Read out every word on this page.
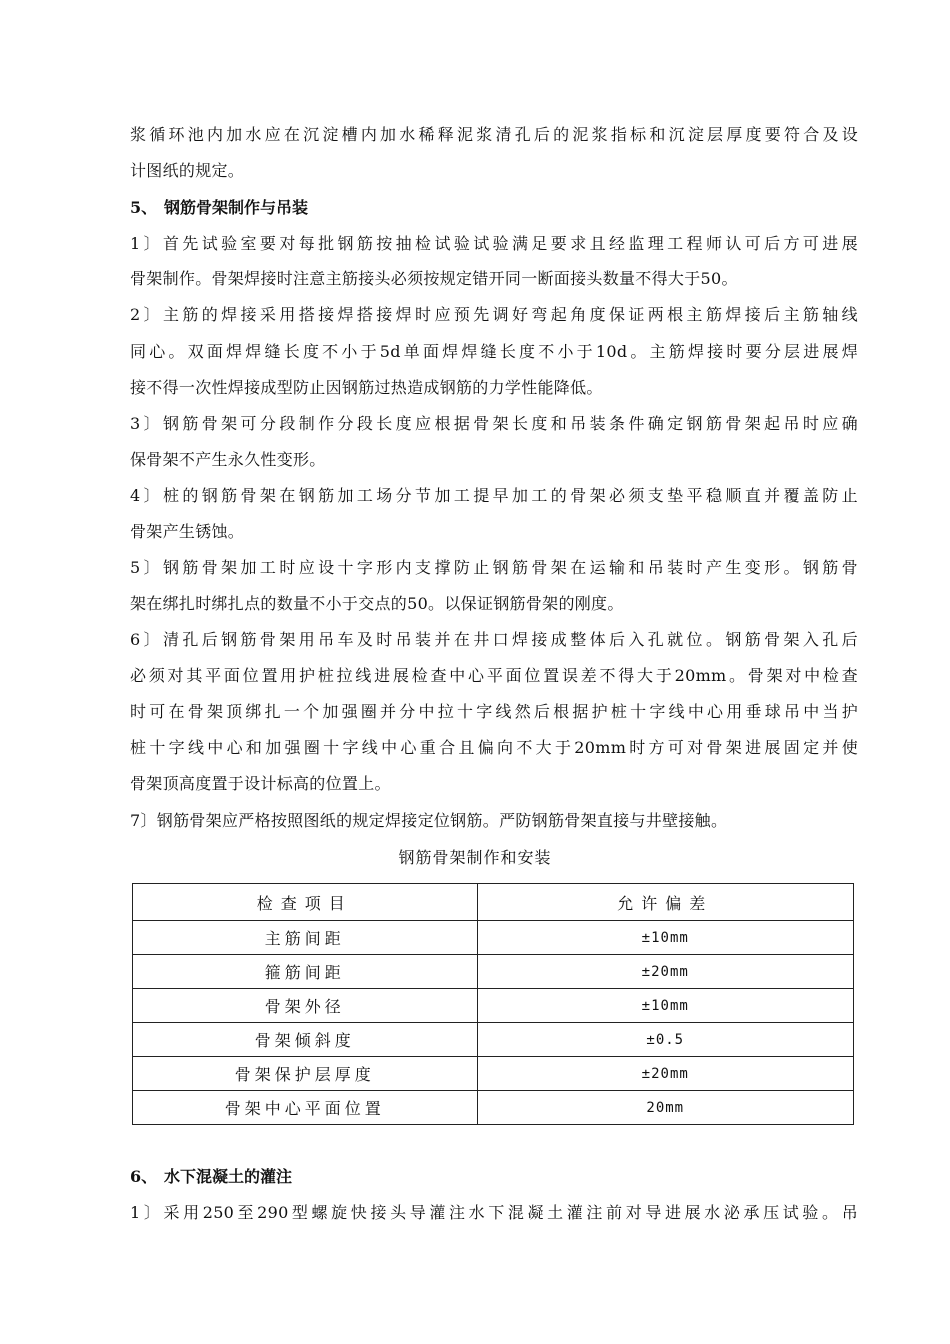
浆循环池内加水应在沉淀槽内加水稀释泥浆清孔后的泥浆指标和沉淀层厚度要符合及设
计图纸的规定。
5、 钢筋骨架制作与吊装
1〕首先试验室要对每批钢筋按抽检试验试验满足要求且经监理工程师认可后方可进展
骨架制作。骨架焊接时注意主筋接头必须按规定错开同一断面接头数量不得大于50。
2〕主筋的焊接采用搭接焊搭接焊时应预先调好弯起角度保证两根主筋焊接后主筋轴线
同心。双面焊焊缝长度不小于5d单面焊焊缝长度不小于10d。主筋焊接时要分层进展焊
接不得一次性焊接成型防止因钢筋过热造成钢筋的力学性能降低。
3〕钢筋骨架可分段制作分段长度应根据骨架长度和吊装条件确定钢筋骨架起吊时应确
保骨架不产生永久性变形。
4〕桩的钢筋骨架在钢筋加工场分节加工提早加工的骨架必须支垫平稳顺直并覆盖防止
骨架产生锈蚀。
5〕钢筋骨架加工时应设十字形内支撑防止钢筋骨架在运输和吊装时产生变形。钢筋骨
架在绑扎时绑扎点的数量不小于交点的50。以保证钢筋骨架的刚度。
6〕清孔后钢筋骨架用吊车及时吊装并在井口焊接成整体后入孔就位。钢筋骨架入孔后
必须对其平面位置用护桩拉线进展检查中心平面位置误差不得大于20mm。骨架对中检查
时可在骨架顶绑扎一个加强圈并分中拉十字线然后根据护桩十字线中心用垂球吊中当护
桩十字线中心和加强圈十字线中心重合且偏向不大于20mm时方可对骨架进展固定并使
骨架顶高度置于设计标高的位置上。
7〕钢筋骨架应严格按照图纸的规定焊接定位钢筋。严防钢筋骨架直接与井壁接触。
钢筋骨架制作和安装
检查项目	允许偏差
主筋间距	±10mm
箍筋间距	±20mm
骨架外径	±10mm
骨架倾斜度	±0.5
骨架保护层厚度	±20mm
骨架中心平面位置	20mm
6、 水下混凝土的灌注
1〕采用250至290型螺旋快接头导灌注水下混凝土灌注前对导进展水泌承压试验。吊
